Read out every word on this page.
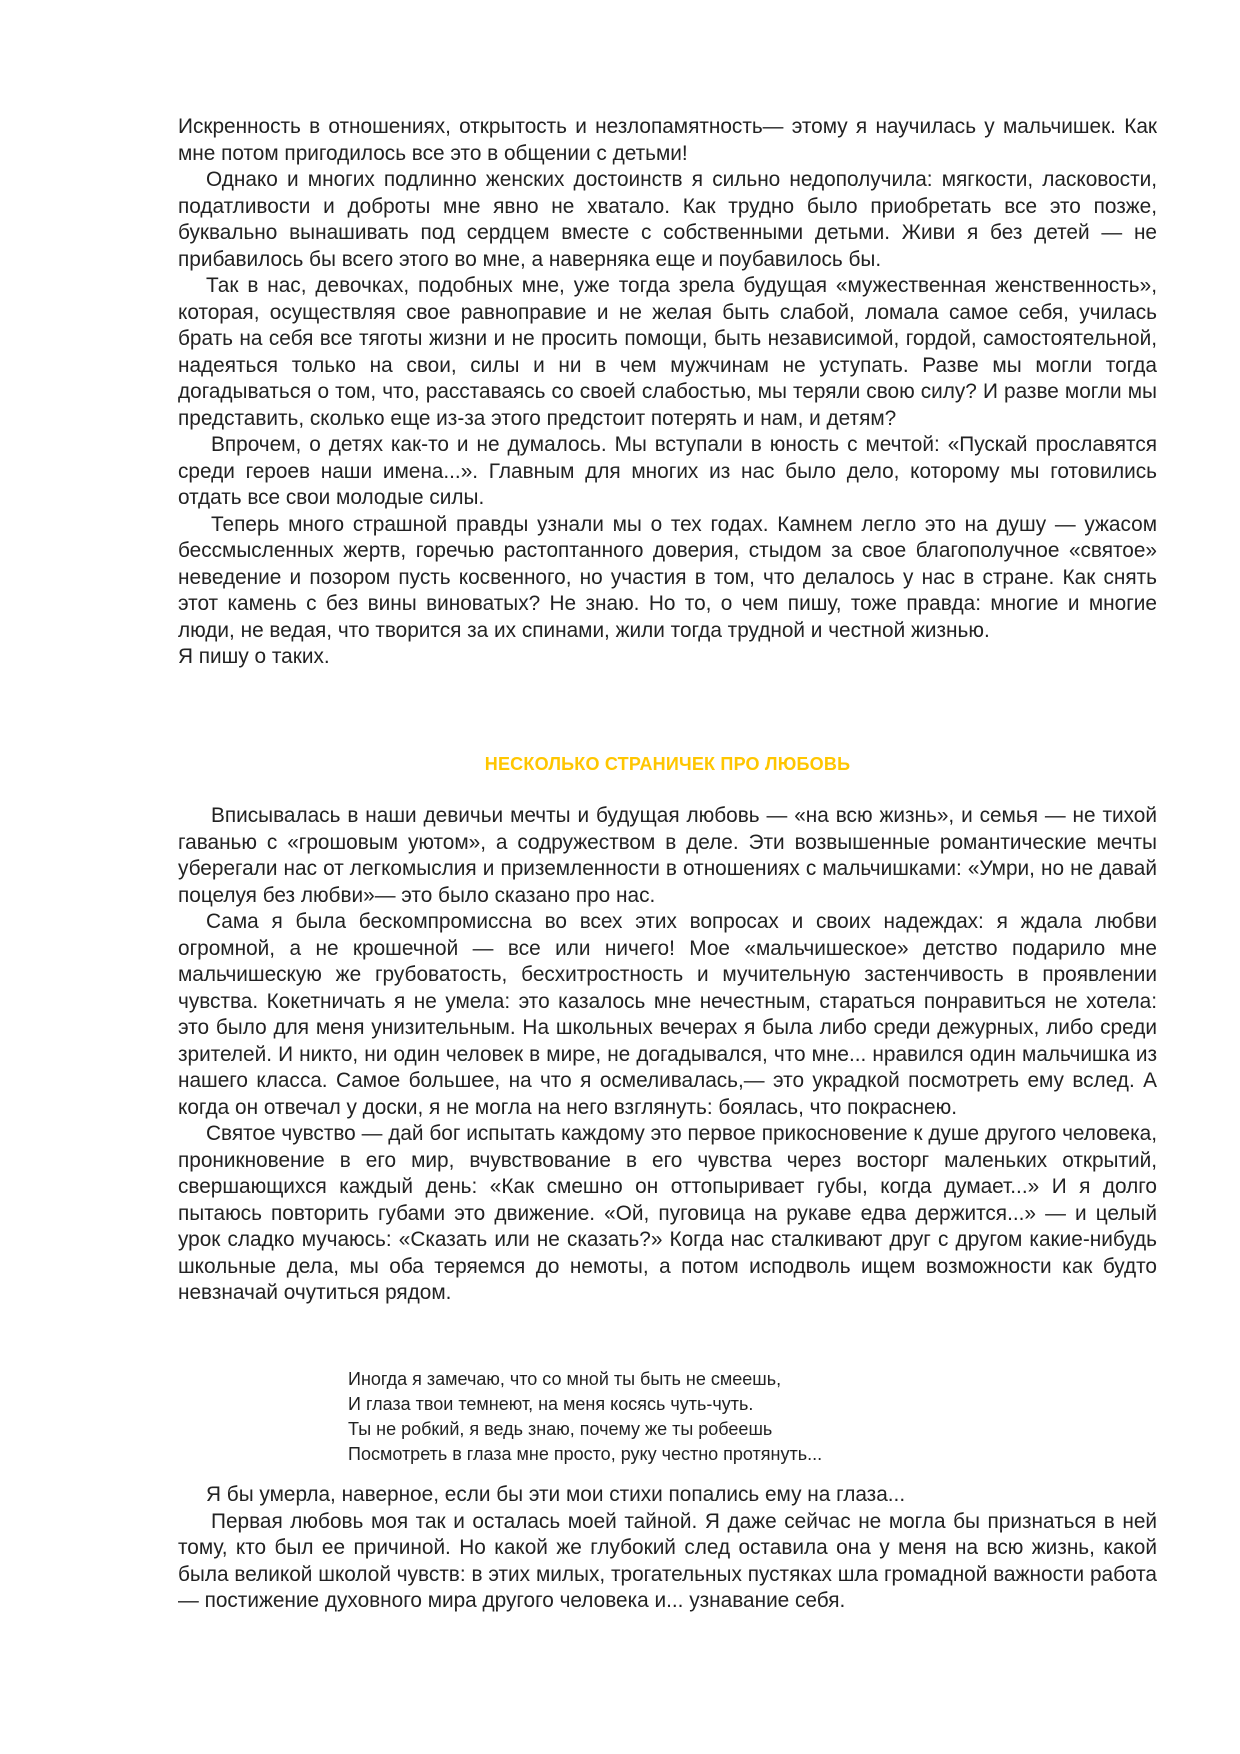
Искренность в отношениях, открытость и незлопамятность— этому я научилась у мальчишек. Как мне потом пригодилось все это в общении с детьми!

Однако и многих подлинно женских достоинств я сильно недополучила: мягкости, ласковости, податливости и доброты мне явно не хватало. Как трудно было приобретать все это позже, буквально вынашивать под сердцем вместе с собственными детьми. Живи я без детей — не прибавилось бы всего этого во мне, а наверняка еще и поубавилось бы.

Так в нас, девочках, подобных мне, уже тогда зрела будущая «мужественная женственность», которая, осуществляя свое равноправие и не желая быть слабой, ломала самое себя, училась брать на себя все тяготы жизни и не просить помощи, быть независимой, гордой, самостоятельной, надеяться только на свои, силы и ни в чем мужчинам не уступать. Разве мы могли тогда догадываться о том, что, расставаясь со своей слабостью, мы теряли свою силу? И разве могли мы представить, сколько еще из-за этого предстоит потерять и нам, и детям?

Впрочем, о детях как-то и не думалось. Мы вступали в юность с мечтой: «Пускай прославятся среди героев наши имена...». Главным для многих из нас было дело, которому мы готовились отдать все свои молодые силы.

Теперь много страшной правды узнали мы о тех годах. Камнем легло это на душу — ужасом бессмысленных жертв, горечью растоптанного доверия, стыдом за свое благополучное «святое» неведение и позором пусть косвенного, но участия в том, что делалось у нас в стране. Как снять этот камень с без вины виноватых? Не знаю. Но то, о чем пишу, тоже правда: многие и многие люди, не ведая, что творится за их спинами, жили тогда трудной и честной жизнью.

Я пишу о таких.

НЕСКОЛЬКО СТРАНИЧЕК ПРО ЛЮБОВЬ

Вписывалась в наши девичьи мечты и будущая любовь — «на всю жизнь», и семья — не тихой гаванью с «грошовым уютом», а содружеством в деле. Эти возвышенные романтические мечты уберегали нас от легкомыслия и приземленности в отношениях с мальчишками: «Умри, но не давай поцелуя без любви»— это было сказано про нас.

Сама я была бескомпромиссна во всех этих вопросах и своих надеждах: я ждала любви огромной, а не крошечной — все или ничего! Мое «мальчишеское» детство подарило мне мальчишескую же грубоватость, бесхитростность и мучительную застенчивость в проявлении чувства. Кокетничать я не умела: это казалось мне нечестным, стараться понравиться не хотела: это было для меня унизительным. На школьных вечерах я была либо среди дежурных, либо среди зрителей. И никто, ни один человек в мире, не догадывался, что мне... нравился один мальчишка из нашего класса. Самое большее, на что я осмеливалась,— это украдкой посмотреть ему вслед. А когда он отвечал у доски, я не могла на него взглянуть: боялась, что покраснею.

Святое чувство — дай бог испытать каждому это первое прикосновение к душе другого человека, проникновение в его мир, вчувствование в его чувства через восторг маленьких открытий, свершающихся каждый день: «Как смешно он оттопыривает губы, когда думает...» И я долго пытаюсь повторить губами это движение. «Ой, пуговица на рукаве едва держится...» — и целый урок сладко мучаюсь: «Сказать или не сказать?» Когда нас сталкивают друг с другом какие-нибудь школьные дела, мы оба теряемся до немоты, а потом исподволь ищем возможности как будто невзначай очутиться рядом.

Иногда я замечаю, что со мной ты быть не смеешь,
И глаза твои темнеют, на меня косясь чуть-чуть.
Ты не робкий, я ведь знаю, почему же ты робеешь
Посмотреть в глаза мне просто, руку честно протянуть...

Я бы умерла, наверное, если бы эти мои стихи попались ему на глаза...

Первая любовь моя так и осталась моей тайной. Я даже сейчас не могла бы признаться в ней тому, кто был ее причиной. Но какой же глубокий след оставила она у меня на всю жизнь, какой была великой школой чувств: в этих милых, трогательных пустяках шла громадной важности работа — постижение духовного мира другого человека и... узнавание себя.
